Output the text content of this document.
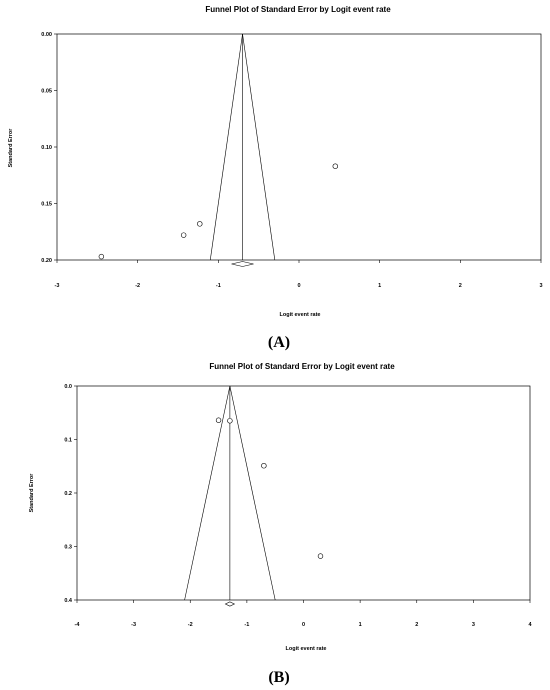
Funnel Plot of Standard Error by Logit event rate
-3	-2	-1	0	1	2	3
0.00
0.05
0.10
0.15
0.20
Logit event rate
Standard Error
(A)
Funnel Plot of Standard Error by Logit event rate
-4	-3	-2	-1	0	1	2	3	4
0.0
0.1
0.2
0.3
0.4
Logit event rate
Standard Error
(B)
